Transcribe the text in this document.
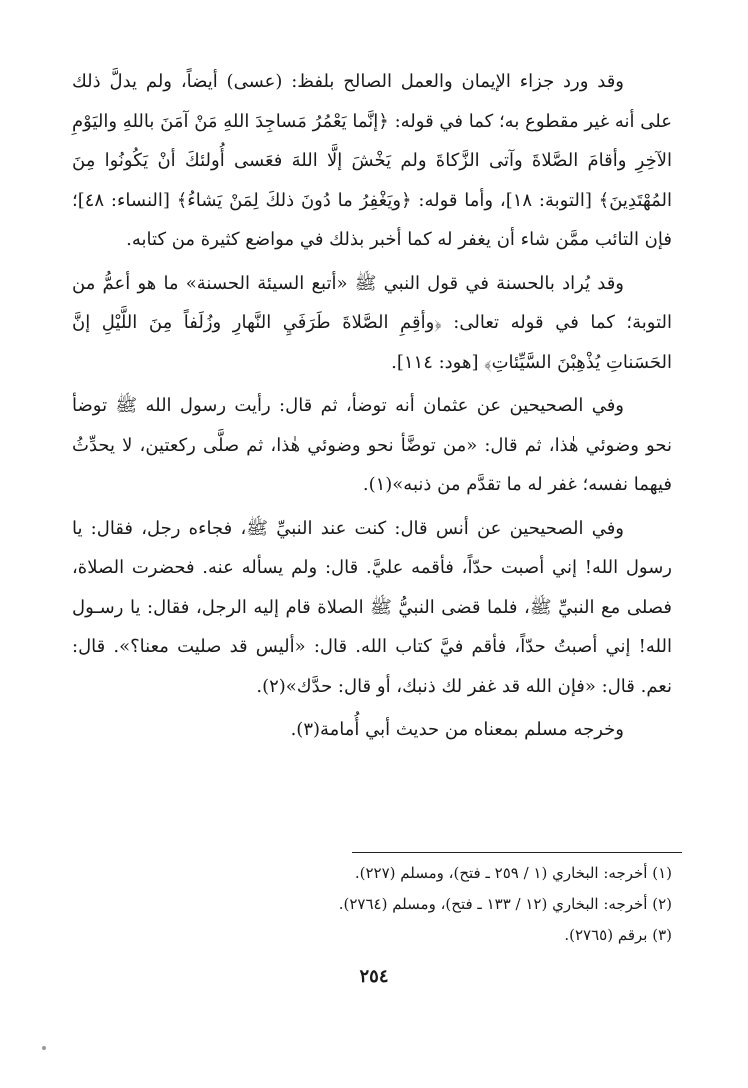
وقد ورد جزاء الإيمان والعمل الصالح بلفظ: (عسى) أيضاً، ولم يدلَّ ذلك على أنه غير مقطوع به؛ كما في قوله: ﴿إنَّما يَعْمُرُ مَساجِدَ اللهِ مَنْ آمَنَ باللهِ واليَوْمِ الآخِرِ وأقامَ الصَّلاةَ وآتى الزَّكاةَ ولم يَخْشَ إلَّا اللهَ فعَسى أُولئكَ أنْ يَكُونُوا مِنَ المُهْتَدِينَ﴾ [التوبة: ١٨]، وأما قوله: ﴿ويَغْفِرُ ما دُونَ ذلكَ لِمَنْ يَشاءُ﴾ [النساء: ٤٨]؛ فإن التائب ممَّن شاء أن يغفر له كما أخبر بذلك في مواضع كثيرة من كتابه.

وقد يُراد بالحسنة في قول النبي ﷺ «أتبع السيئة الحسنة» ما هو أعمُّ من التوبة؛ كما في قوله تعالى: ﴿وأقِمِ الصَّلاةَ طَرَفَيِ النَّهارِ وزُلَفاً مِنَ اللَّيْلِ إنَّ الحَسَناتِ يُذْهِبْنَ السَّيِّئاتِ﴾ [هود: ١١٤].

وفي الصحيحين عن عثمان أنه توضأ، ثم قال: رأيت رسول الله ﷺ توضأ نحو وضوئي هٰذا، ثم قال: «من توضَّأ نحو وضوئي هٰذا، ثم صلَّى ركعتين، لا يحدِّثُ فيهما نفسه؛ غفر له ما تقدَّم من ذنبه»(١).

وفي الصحيحين عن أنس قال: كنت عند النبيِّ ﷺ، فجاءه رجل، فقال: يا رسول الله! إني أصبت حدّاً، فأقمه عليَّ. قال: ولم يسأله عنه. فحضرت الصلاة، فصلى مع النبيِّ ﷺ، فلما قضى النبيُّ ﷺ الصلاة قام إليه الرجل، فقال: يا رسـول الله! إني أصبتُ حدّاً، فأقم فيَّ كتاب الله. قال: «أليس قد صليت معنا؟». قال: نعم. قال: «فإن الله قد غفر لك ذنبك، أو قال: حدَّك»(٢).

وخرجه مسلم بمعناه من حديث أبي أُمامة(٣).

(١) أخرجه: البخاري (١ / ٢٥٩ ـ فتح)، ومسلم (٢٢٧).

(٢) أخرجه: البخاري (١٢ / ١٣٣ ـ فتح)، ومسلم (٢٧٦٤).

(٣) برقم (٢٧٦٥).

٢٥٤
